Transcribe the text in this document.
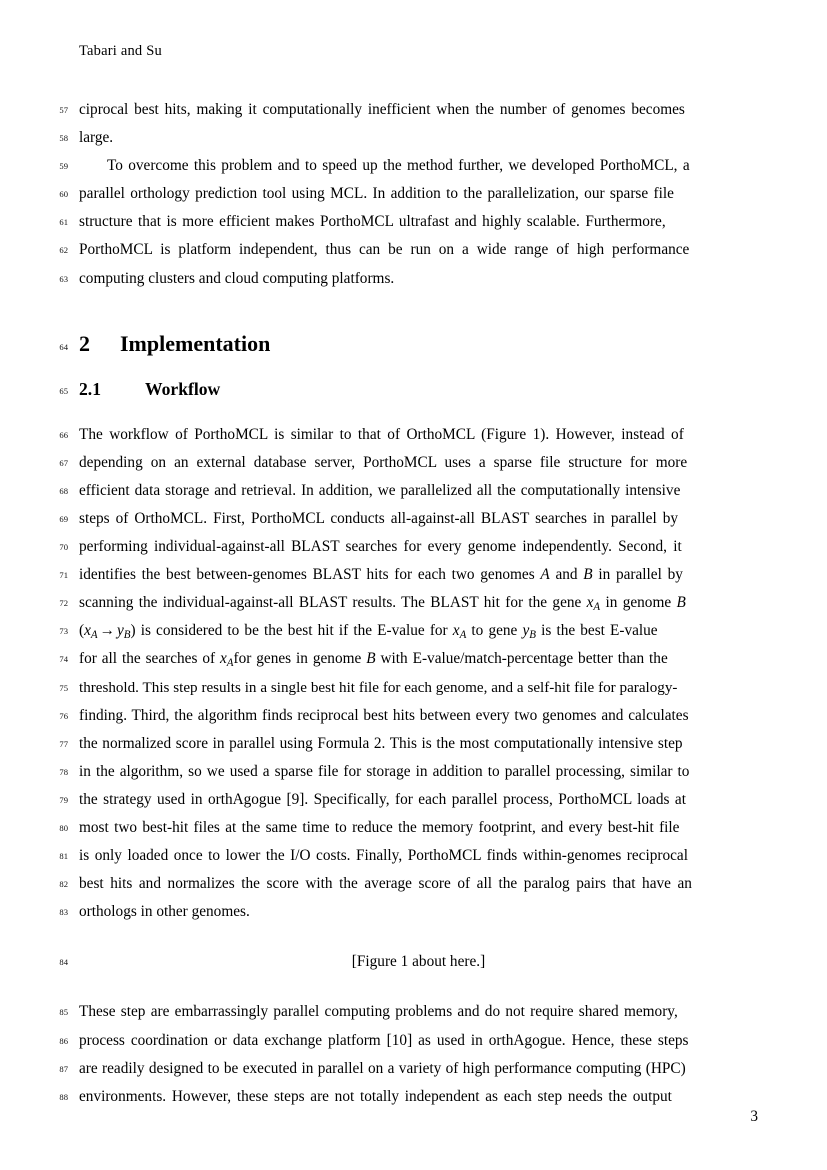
Tabari and Su
57 ciprocal best hits, making it computationally inefficient when the number of genomes becomes
58 large.
59	To overcome this problem and to speed up the method further, we developed PorthoMCL, a
60 parallel orthology prediction tool using MCL. In addition to the parallelization, our sparse file
61 structure that is more efficient makes PorthoMCL ultrafast and highly scalable. Furthermore,
62 PorthoMCL is platform independent, thus can be run on a wide range of high performance
63 computing clusters and cloud computing platforms.
64 2 Implementation
65 2.1	Workflow
66 The workflow of PorthoMCL is similar to that of OrthoMCL (Figure 1). However, instead of
67 depending on an external database server, PorthoMCL uses a sparse file structure for more
68 efficient data storage and retrieval. In addition, we parallelized all the computationally intensive
69 steps of OrthoMCL. First, PorthoMCL conducts all-against-all BLAST searches in parallel by
70 performing individual-against-all BLAST searches for every genome independently. Second, it
71 identifies the best between-genomes BLAST hits for each two genomes A and B in parallel by
72 scanning the individual-against-all BLAST results. The BLAST hit for the gene $x_A$ in genome B
73 $(x_A \to y_B)$ is considered to be the best hit if the E-value for $x_A$ to gene $y_B$ is the best E-value
74 for all the searches of $x_Afor$ genes in genome B with E-value/match-percentage better than the
75 threshold. This step results in a single best hit file for each genome, and a self-hit file for paralogy-
76 finding. Third, the algorithm finds reciprocal best hits between every two genomes and calculates
77 the normalized score in parallel using Formula 2. This is the most computationally intensive step
78 in the algorithm, so we used a sparse file for storage in addition to parallel processing, similar to
79 the strategy used in orthAgogue [9]. Specifically, for each parallel process, PorthoMCL loads at
80 most two best-hit files at the same time to reduce the memory footprint, and every best-hit file
81 is only loaded once to lower the I/O costs. Finally, PorthoMCL finds within-genomes reciprocal
82 best hits and normalizes the score with the average score of all the paralog pairs that have an
83 orthologs in other genomes.
84	[Figure 1 about here.]
85 These step are embarrassingly parallel computing problems and do not require shared memory,
86 process coordination or data exchange platform [10] as used in orthAgogue. Hence, these steps
87 are readily designed to be executed in parallel on a variety of high performance computing (HPC)
88 environments. However, these steps are not totally independent as each step needs the output
3
